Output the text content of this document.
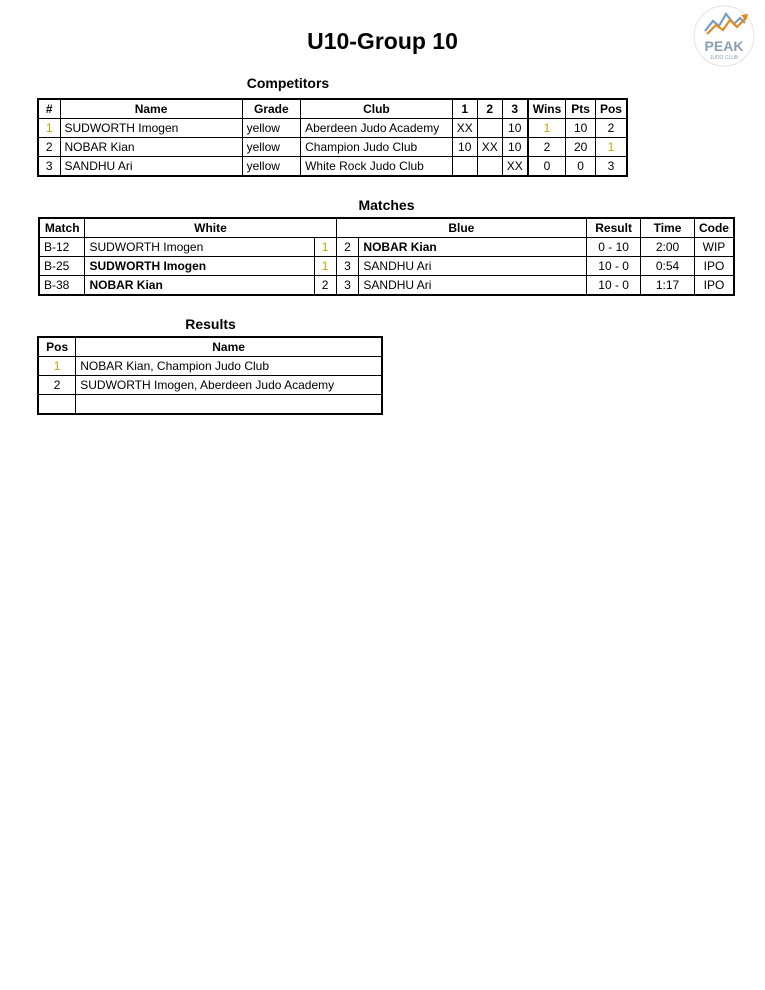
U10-Group 10	PEAK
JUDO CLUB
Competitors
#	Name	Grade	Club	1	2	3	Wins	Pts	Pos
1	SUDWORTH Imogen	yellow	Aberdeen Judo Academy	XX		10	1	10	2
2	NOBAR Kian	yellow	Champion Judo Club	10	XX	10	2	20	1
3	SANDHU Ari	yellow	White Rock Judo Club			XX	0	0	3
Matches
Match	White		Blue		Result	Time	Code
B-12	SUDWORTH Imogen	1	2	NOBAR Kian	0 - 10	2:00	WIP
B-25	SUDWORTH Imogen	1	3	SANDHU Ari	10 - 0	0:54	IPO
B-38	NOBAR Kian	2	3	SANDHU Ari	10 - 0	1:17	IPO
Results
Pos	Name
1	NOBAR Kian, Champion Judo Club
2	SUDWORTH Imogen, Aberdeen Judo Academy
